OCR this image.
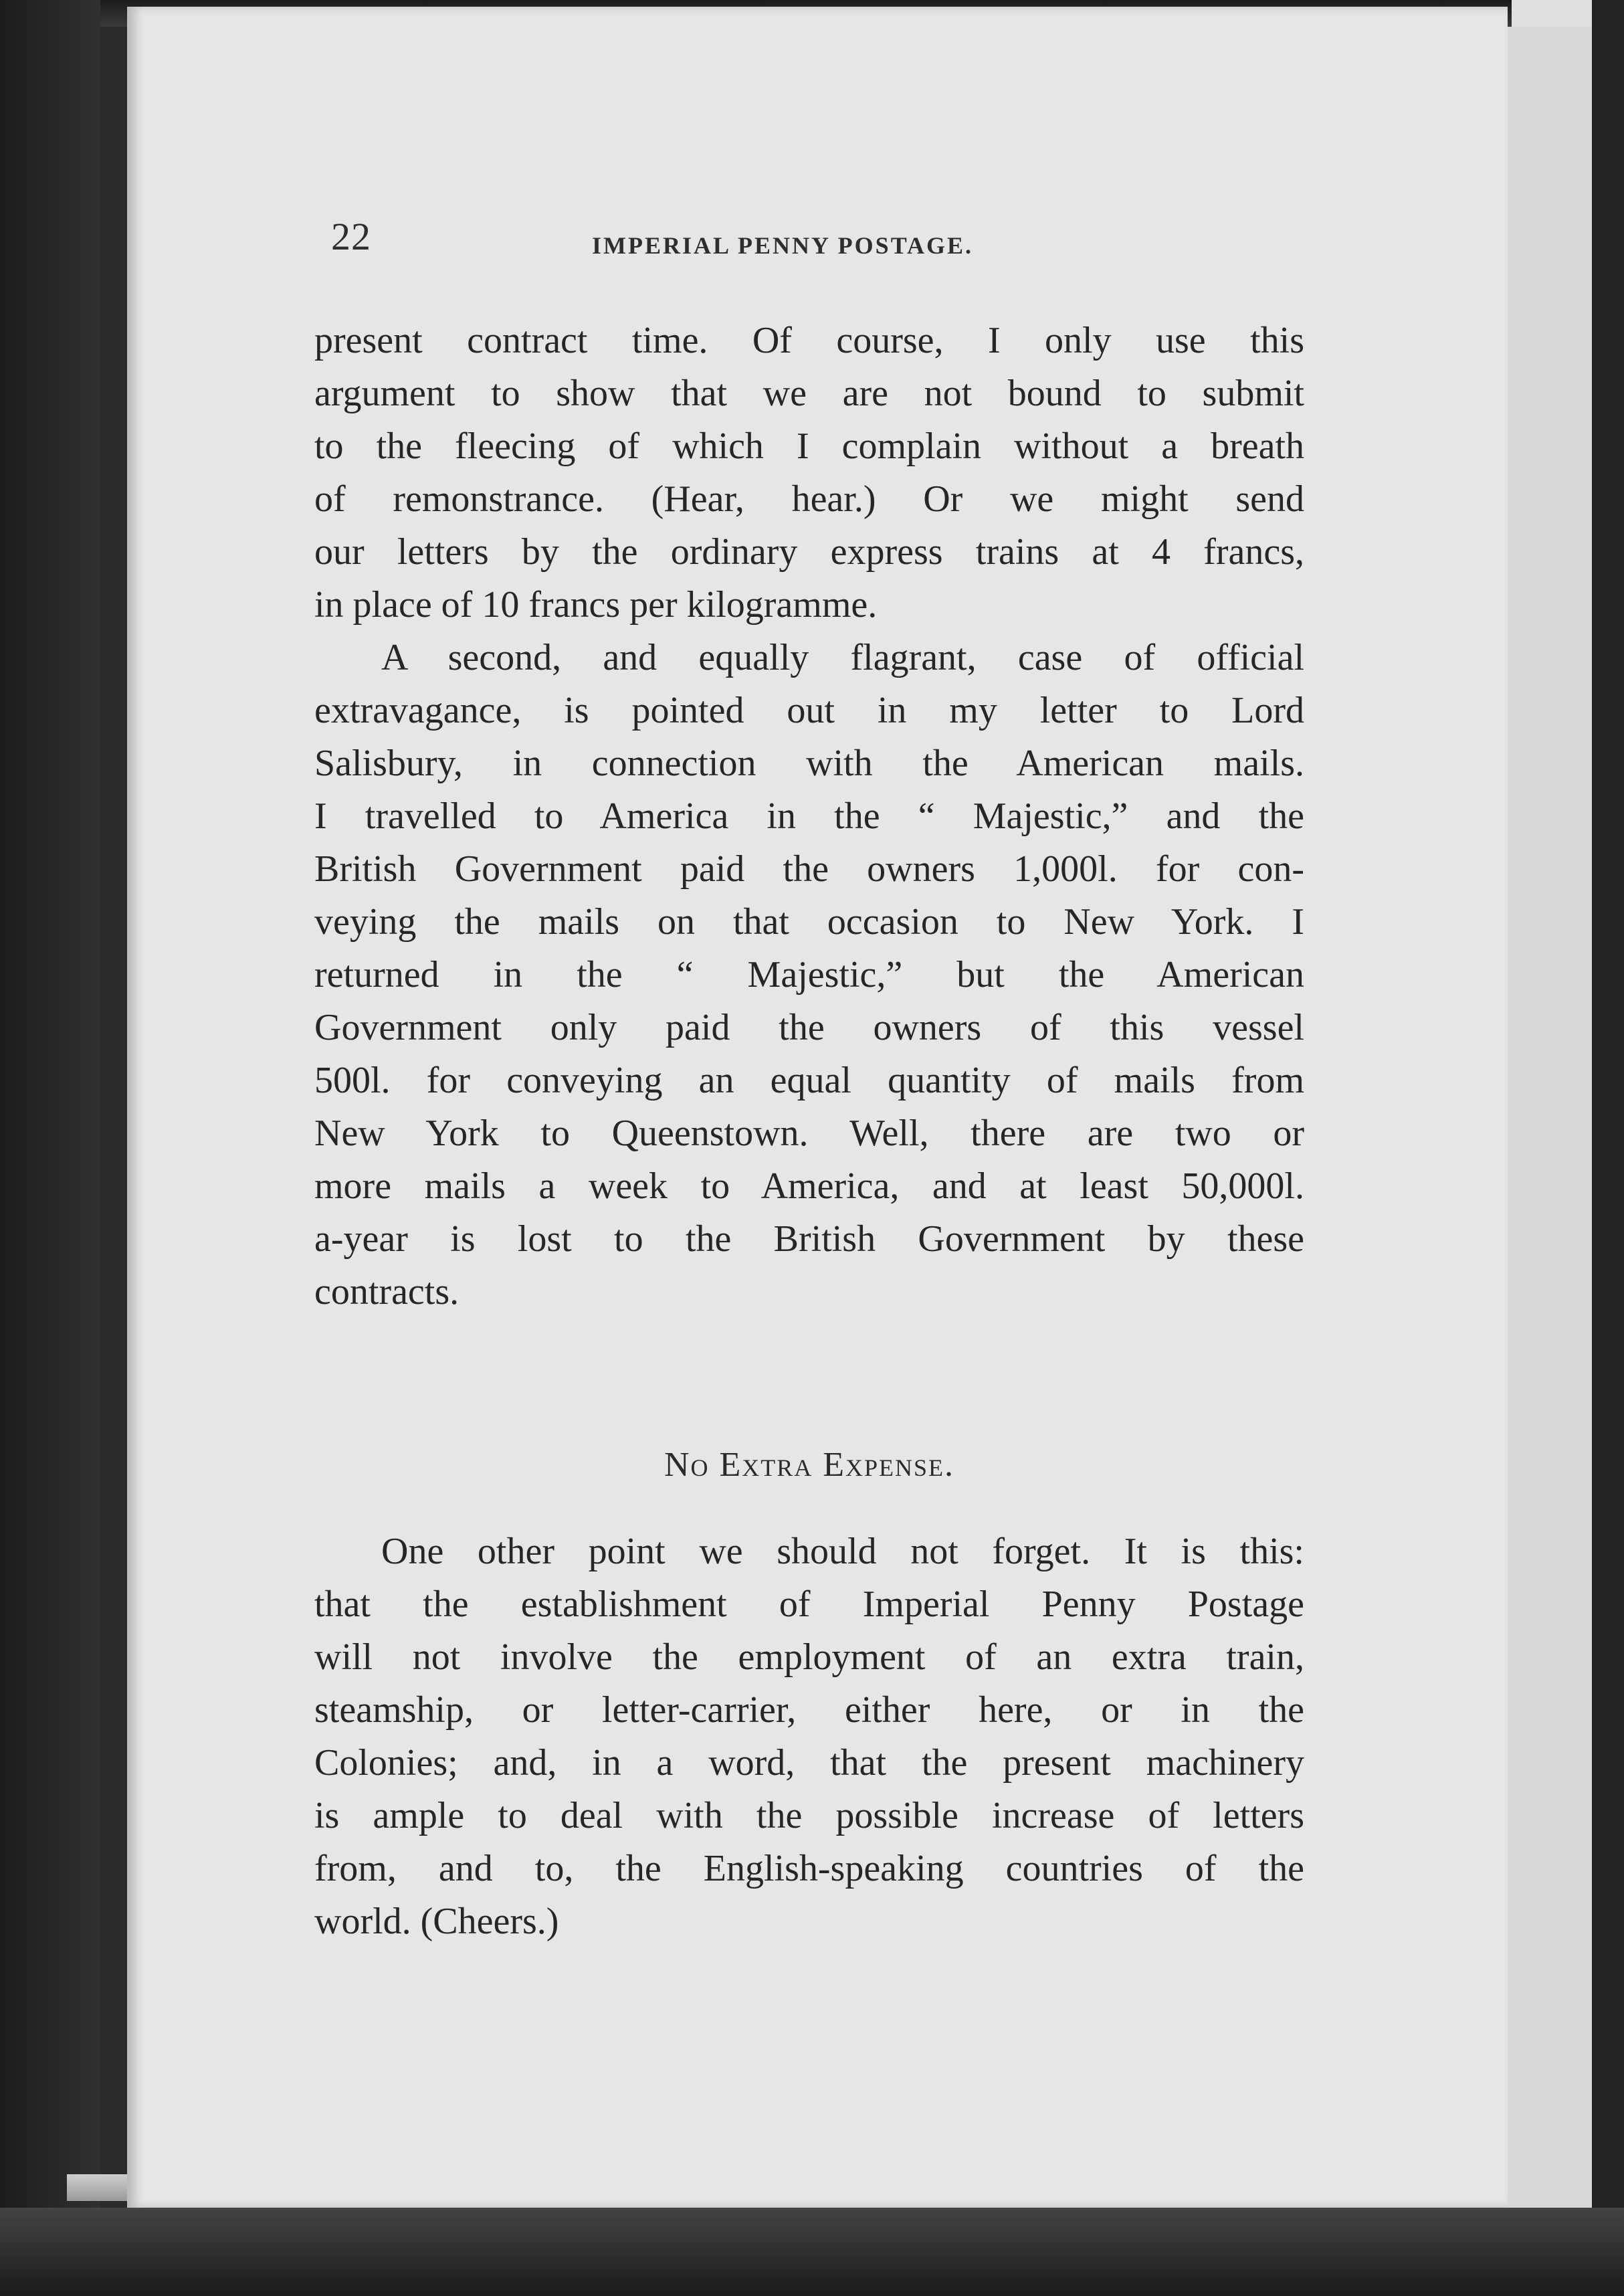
22	IMPERIAL PENNY POSTAGE.
present contract time. Of course, I only use this
argument to show that we are not bound to submit
to the fleecing of which I complain without a breath
of remonstrance. (Hear, hear.) Or we might send
our letters by the ordinary express trains at 4 francs,
in place of 10 francs per kilogramme.
A second, and equally flagrant, case of official
extravagance, is pointed out in my letter to Lord
Salisbury, in connection with the American mails.
I travelled to America in the “ Majestic,” and the
British Government paid the owners 1,000l. for con-
veying the mails on that occasion to New York. I
returned in the “ Majestic,” but the American
Government only paid the owners of this vessel
500l. for conveying an equal quantity of mails from
New York to Queenstown. Well, there are two or
more mails a week to America, and at least 50,000l.
a-year is lost to the British Government by these
contracts.
No Extra Expense.
One other point we should not forget. It is this:
that the establishment of Imperial Penny Postage
will not involve the employment of an extra train,
steamship, or letter-carrier, either here, or in the
Colonies; and, in a word, that the present machinery
is ample to deal with the possible increase of letters
from, and to, the English-speaking countries of the
world. (Cheers.)
